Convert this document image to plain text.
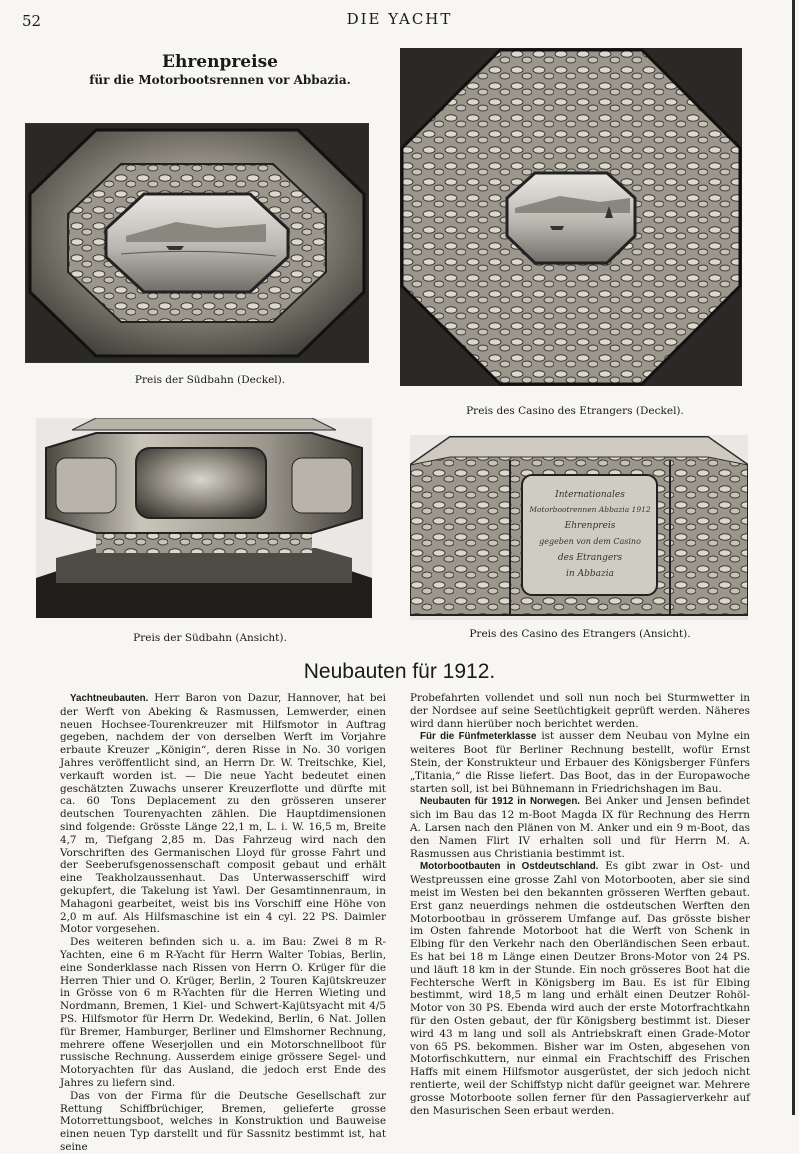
52	DIE YACHT
Ehrenpreise
für die Motorbootsrennen vor Abbazia.
Preis der Südbahn (Deckel).
Preis des Casino des Etrangers (Deckel).
Internationales
Motorbootrennen Abbazia 1912
Ehrenpreis
gegeben von dem Casino
des Etrangers
in Abbazia
Preis der Südbahn (Ansicht).	Preis des Casino des Etrangers (Ansicht).
Neubauten für 1912.

Yachtneubauten. Herr Baron von Dazur, Hannover, hat bei der Werft von Abeking & Rasmussen, Lemwerder, einen neuen Hochsee-Tourenkreuzer mit Hilfsmotor in Auftrag gegeben, nachdem der von derselben Werft im Vorjahre erbaute Kreuzer „Königin“, deren Risse in No. 30 vorigen Jahres veröffentlicht sind, an Herrn Dr. W. Treitschke, Kiel, verkauft worden ist. — Die neue Yacht bedeutet einen geschätzten Zuwachs unserer Kreuzerflotte und dürfte mit ca. 60 Tons Deplacement zu den grösseren unserer deutschen Tourenyachten zählen. Die Hauptdimensionen sind folgende: Grösste Länge 22,1 m, L. i. W. 16,5 m, Breite 4,7 m, Tiefgang 2,85 m. Das Fahrzeug wird nach den Vorschriften des Germanischen Lloyd für grosse Fahrt und der Seeberufsgenossenschaft composit gebaut und erhält eine Teakholzaussenhaut. Das Unterwasserschiff wird gekupfert, die Takelung ist Yawl. Der Gesamtinnenraum, in Mahagoni gearbeitet, weist bis ins Vorschiff eine Höhe von 2,0 m auf. Als Hilfsmaschine ist ein 4 cyl. 22 PS. Daimler Motor vorgesehen.

Des weiteren befinden sich u. a. im Bau: Zwei 8 m R-Yachten, eine 6 m R-Yacht für Herrn Walter Tobias, Berlin, eine Sonderklasse nach Rissen von Herrn O. Krüger für die Herren Thier und O. Krüger, Berlin, 2 Touren Kajütskreuzer in Grösse von 6 m R-Yachten für die Herren Wieting und Nordmann, Bremen, 1 Kiel- und Schwert-Kajütsyacht mit 4/5 PS. Hilfsmotor für Herrn Dr. Wedekind, Berlin, 6 Nat. Jollen für Bremer, Hamburger, Berliner und Elmshorner Rechnung, mehrere offene Weserjollen und ein Motorschnellboot für russische Rechnung. Ausserdem einige grössere Segel- und Motoryachten für das Ausland, die jedoch erst Ende des Jahres zu liefern sind.

Das von der Firma für die Deutsche Gesellschaft zur Rettung Schiffbrüchiger, Bremen, gelieferte grosse Motorrettungsboot, welches in Konstruktion und Bauweise einen neuen Typ darstellt und für Sassnitz bestimmt ist, hat seine

Probefahrten vollendet und soll nun noch bei Sturmwetter in der Nordsee auf seine Seetüchtigkeit geprüft werden. Näheres wird dann hierüber noch berichtet werden.

Für die Fünfmeterklasse ist ausser dem Neubau von Mylne ein weiteres Boot für Berliner Rechnung bestellt, wofür Ernst Stein, der Konstrukteur und Erbauer des Königsberger Fünfers „Titania,“ die Risse liefert. Das Boot, das in der Europawoche starten soll, ist bei Bühnemann in Friedrichshagen im Bau.

Neubauten für 1912 in Norwegen. Bei Anker und Jensen befindet sich im Bau das 12 m-Boot Magda IX für Rechnung des Herrn A. Larsen nach den Plänen von M. Anker und ein 9 m-Boot, das den Namen Flirt IV erhalten soll und für Herrn M. A. Rasmussen aus Christiania bestimmt ist.

Motorbootbauten in Ostdeutschland. Es gibt zwar in Ost- und Westpreussen eine grosse Zahl von Motorbooten, aber sie sind meist im Westen bei den bekannten grösseren Werften gebaut. Erst ganz neuerdings nehmen die ostdeutschen Werften den Motorbootbau in grösserem Umfange auf. Das grösste bisher im Osten fahrende Motorboot hat die Werft von Schenk in Elbing für den Verkehr nach den Oberländischen Seen erbaut. Es hat bei 18 m Länge einen Deutzer Brons-Motor von 24 PS. und läuft 18 km in der Stunde. Ein noch grösseres Boot hat die Fechtersche Werft in Königsberg im Bau. Es ist für Elbing bestimmt, wird 18,5 m lang und erhält einen Deutzer Rohöl-Motor von 30 PS. Ebenda wird auch der erste Motorfrachtkahn für den Osten gebaut, der für Königsberg bestimmt ist. Dieser wird 43 m lang und soll als Antriebskraft einen Grade-Motor von 65 PS. bekommen. Bisher war im Osten, abgesehen von Motorfischkuttern, nur einmal ein Frachtschiff des Frischen Haffs mit einem Hilfsmotor ausgerüstet, der sich jedoch nicht rentierte, weil der Schiffstyp nicht dafür geeignet war. Mehrere grosse Motorboote sollen ferner für den Passagierverkehr auf den Masurischen Seen erbaut werden.
